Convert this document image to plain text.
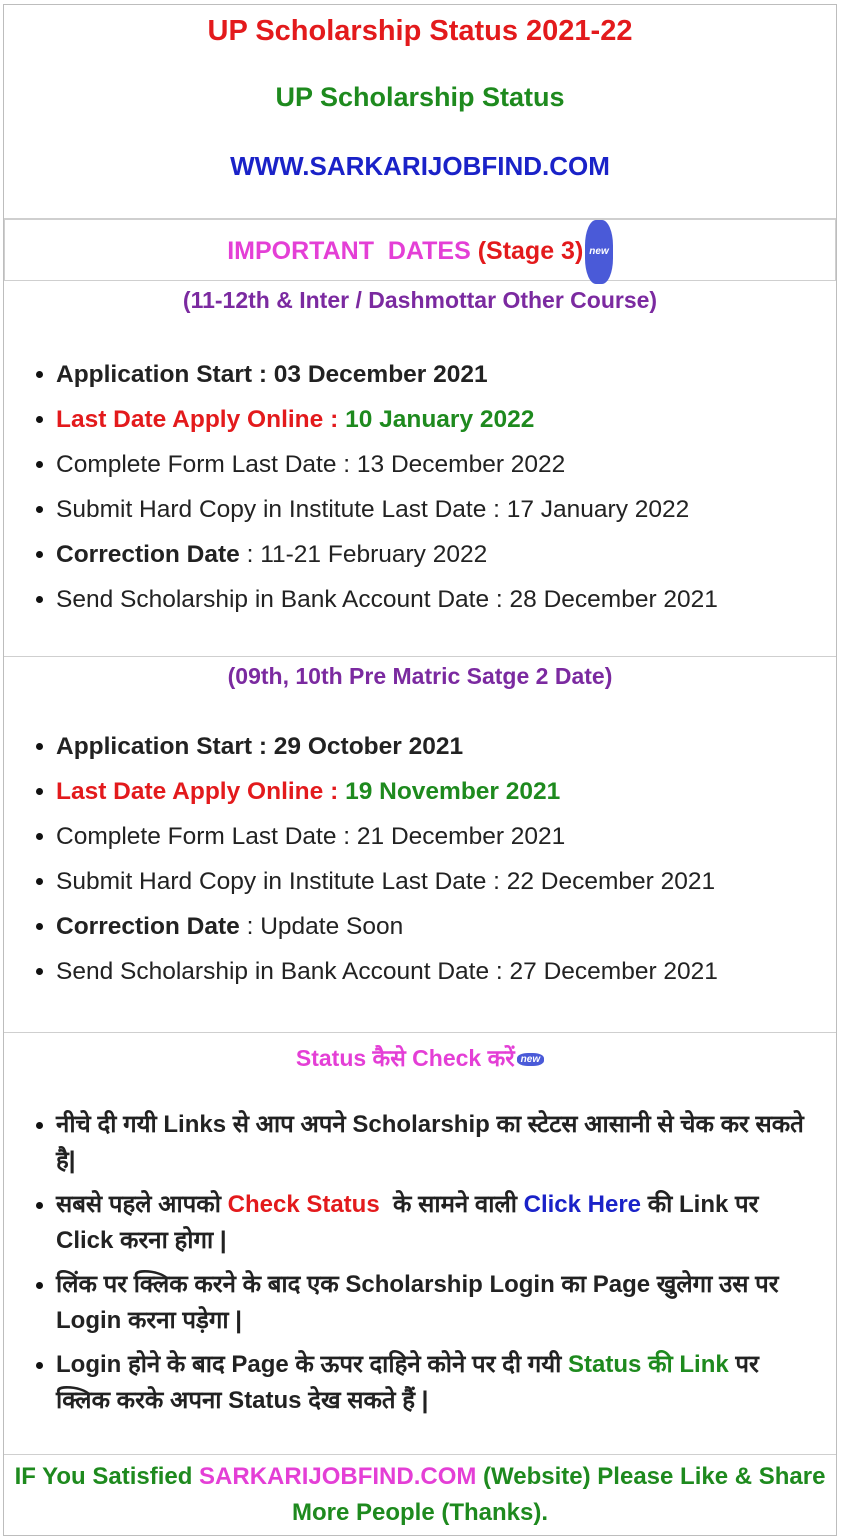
UP Scholarship Status 2021-22
UP Scholarship Status
WWW.SARKARIJOBFIND.COM
IMPORTANT  DATES (Stage 3) new
(11-12th & Inter / Dashmottar Other Course)
Application Start : 03 December 2021
Last Date Apply Online : 10 January 2022
Complete Form Last Date : 13 December 2022
Submit Hard Copy in Institute Last Date : 17 January 2022
Correction Date : 11-21 February 2022
Send Scholarship in Bank Account Date : 28 December 2021
(09th, 10th Pre Matric Satge 2 Date)
Application Start : 29 October 2021
Last Date Apply Online : 19 November 2021
Complete Form Last Date : 21 December 2021
Submit Hard Copy in Institute Last Date : 22 December 2021
Correction Date : Update Soon
Send Scholarship in Bank Account Date : 27 December 2021
Status कैसे Check करें new
नीचे दी गयी Links से आप अपने Scholarship का स्टेटस आसानी से चेक कर सकते है|
सबसे पहले आपको Check Status  के सामने वाली Click Here की Link पर Click करना होगा |
लिंक पर क्लिक करने के बाद एक Scholarship Login का Page खुलेगा उस पर Login करना पड़ेगा |
Login होने के बाद Page के ऊपर दाहिने कोने पर दी गयी Status की Link पर क्लिक करके अपना Status देख सकते हैं |
IF You Satisfied SARKARIJOBFIND.COM (Website) Please Like & Share More People (Thanks).
